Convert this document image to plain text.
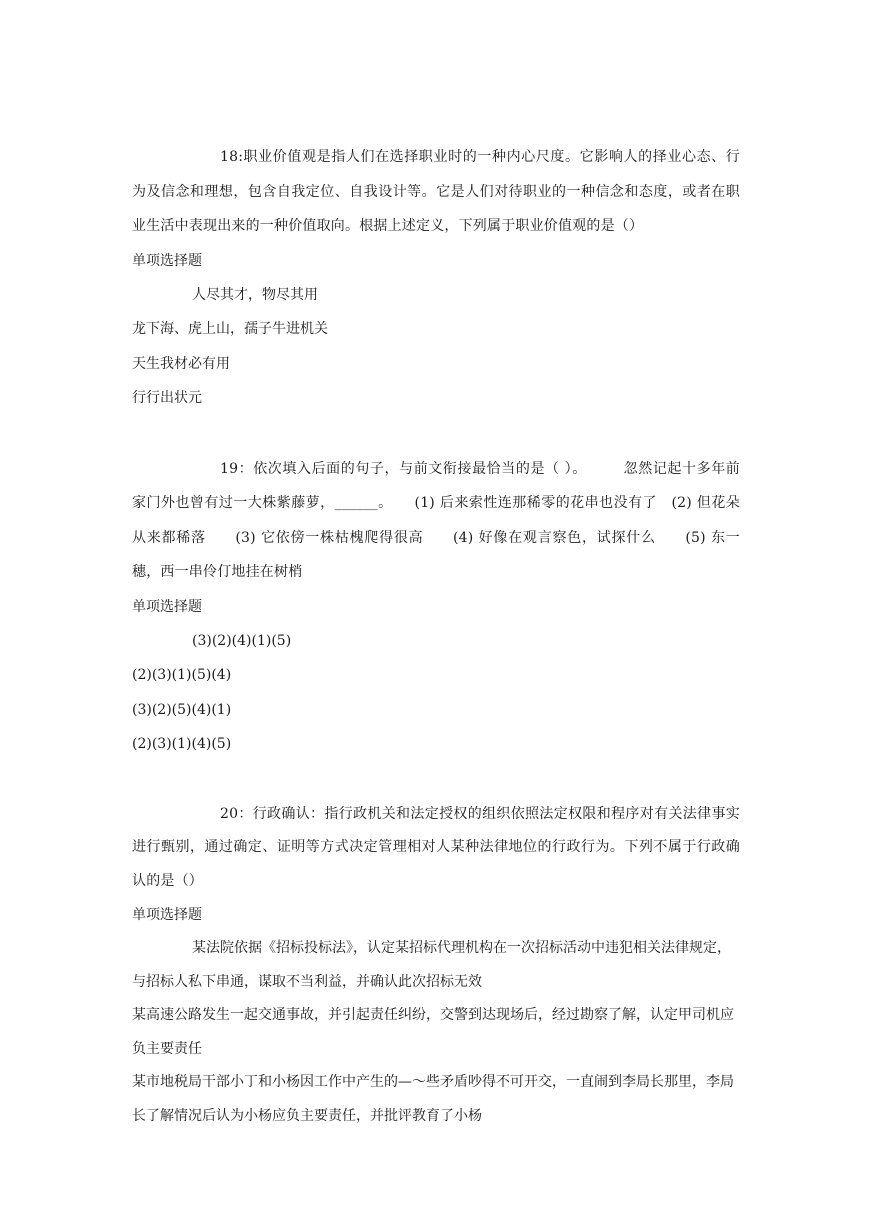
18:职业价值观是指人们在选择职业时的一种内心尺度。它影响人的择业心态、行为及信念和理想，包含自我定位、自我设计等。它是人们对待职业的一种信念和态度，或者在职业生活中表现出来的一种价值取向。根据上述定义，下列属于职业价值观的是（）

单项选择题

人尽其才，物尽其用

龙下海、虎上山，孺子牛进机关

天生我材必有用

行行出状元

19：依次填入后面的句子，与前文衔接最恰当的是（ ）。　　　忽然记起十多年前家门外也曾有过一大株紫藤萝，______。　　(1) 后来索性连那稀零的花串也没有了　(2) 但花朵从来都稀落　　(3) 它依傍一株枯槐爬得很高　　(4) 好像在观言察色，试探什么　　(5) 东一穗，西一串伶仃地挂在树梢

单项选择题

(3)(2)(4)(1)(5)

(2)(3)(1)(5)(4)

(3)(2)(5)(4)(1)

(2)(3)(1)(4)(5)

20：行政确认：指行政机关和法定授权的组织依照法定权限和程序对有关法律事实进行甄别，通过确定、证明等方式决定管理相对人某种法律地位的行政行为。下列不属于行政确认的是（）

单项选择题

某法院依据《招标投标法》，认定某招标代理机构在一次招标活动中违犯相关法律规定，与招标人私下串通，谋取不当利益，并确认此次招标无效

某高速公路发生一起交通事故，并引起责任纠纷，交警到达现场后，经过勘察了解，认定甲司机应负主要责任

某市地税局干部小丁和小杨因工作中产生的—～些矛盾吵得不可开交，一直闹到李局长那里，李局长了解情况后认为小杨应负主要责任，并批评教育了小杨
